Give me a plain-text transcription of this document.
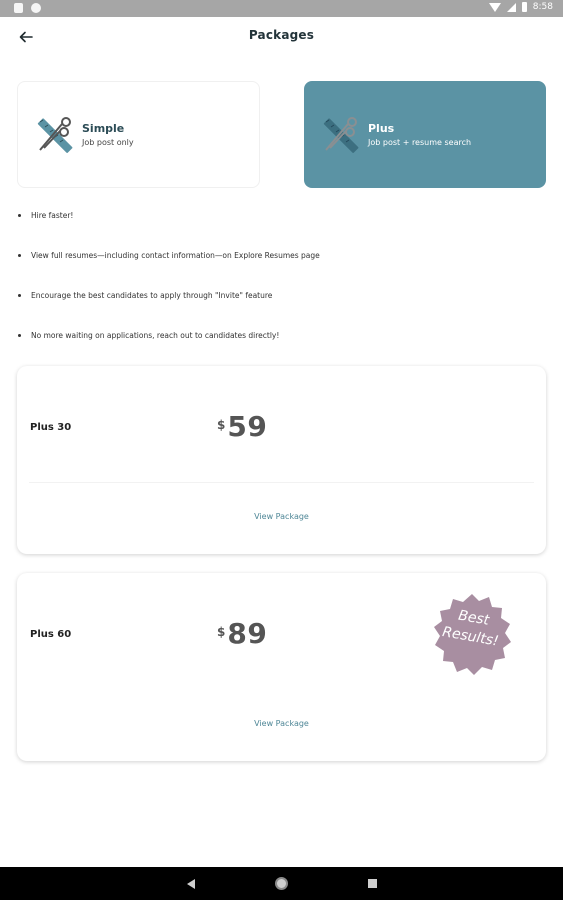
8:58
Packages
Simple
Job post only
Plus
Job post + resume search
Hire faster!
View full resumes—including contact information—on Explore Resumes page
Encourage the best candidates to apply through "Invite" feature
No more waiting on applications, reach out to candidates directly!
Plus 30	$ 59
View Package
Plus 60	$ 89	Best Results!
View Package
